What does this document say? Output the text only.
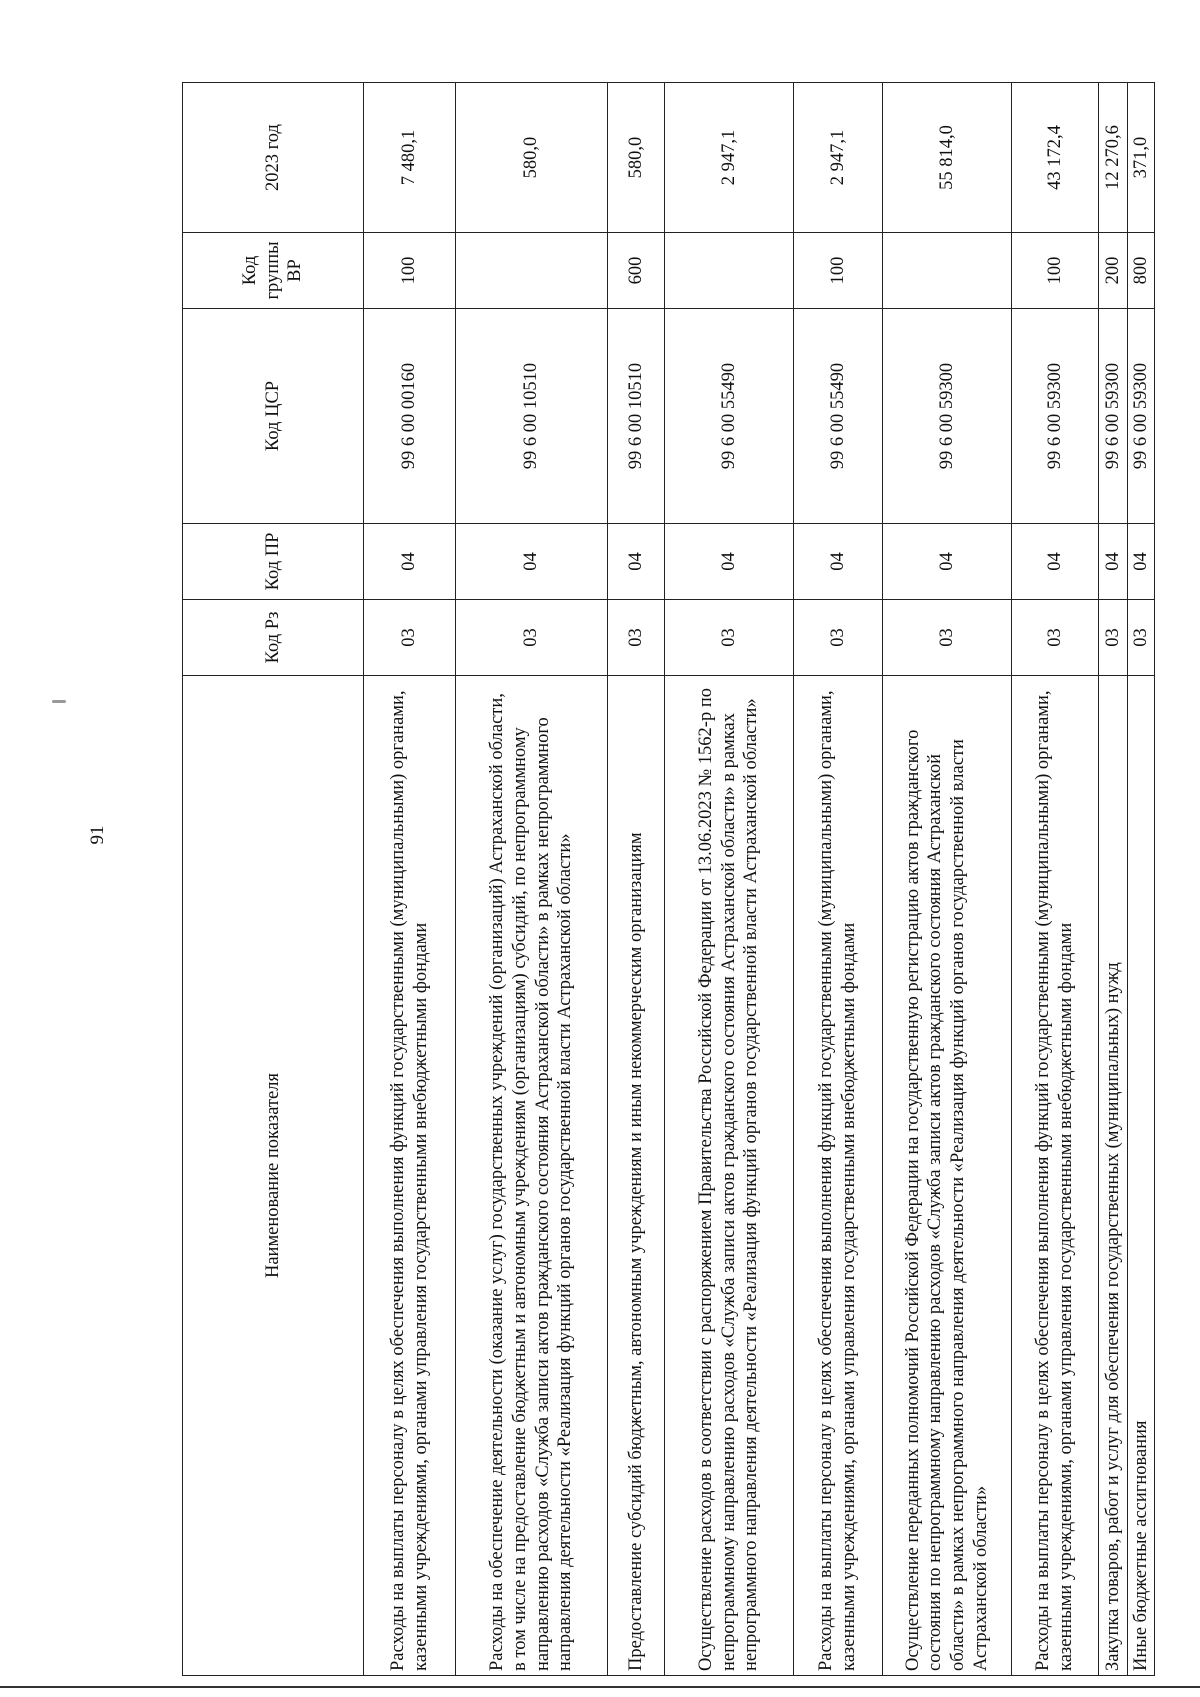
91
Наименование показателя	Код Рз	Код ПР	Код ЦСР	Код группы ВР	2023 год
Расходы на выплаты персоналу в целях обеспечения выполнения функций государственными (муниципальными) органами, казенными учреждениями, органами управления государственными внебюджетными фондами	03	04	99 6 00 00160	100	7 480,1
Расходы на обеспечение деятельности (оказание услуг) государственных учреждений (организаций) Астраханской области, в том числе на предоставление бюджетным и автономным учреждениям (организациям) субсидий, по непрограммному направлению расходов «Служба записи актов гражданского состояния Астраханской области» в рамках непрограммного направления деятельности «Реализация функций органов государственной власти Астраханской области»	03	04	99 6 00 10510		580,0
Предоставление субсидий бюджетным, автономным учреждениям и иным некоммерческим организациям	03	04	99 6 00 10510	600	580,0
Осуществление расходов в соответствии с распоряжением Правительства Российской Федерации от 13.06.2023 № 1562-р по непрограммному направлению расходов «Служба записи актов гражданского состояния Астраханской области» в рамках непрограммного направления деятельности «Реализация функций органов государственной власти Астраханской области»	03	04	99 6 00 55490		2 947,1
Расходы на выплаты персоналу в целях обеспечения выполнения функций государственными (муниципальными) органами, казенными учреждениями, органами управления государственными внебюджетными фондами	03	04	99 6 00 55490	100	2 947,1
Осуществление переданных полномочий Российской Федерации на государственную регистрацию актов гражданского состояния по непрограммному направлению расходов «Служба записи актов гражданского состояния Астраханской области» в рамках непрограммного направления деятельности «Реализация функций органов государственной власти Астраханской области»	03	04	99 6 00 59300		55 814,0
Расходы на выплаты персоналу в целях обеспечения выполнения функций государственными (муниципальными) органами, казенными учреждениями, органами управления государственными внебюджетными фондами	03	04	99 6 00 59300	100	43 172,4
Закупка товаров, работ и услуг для обеспечения государственных (муниципальных) нужд	03	04	99 6 00 59300	200	12 270,6
Иные бюджетные ассигнования	03	04	99 6 00 59300	800	371,0
